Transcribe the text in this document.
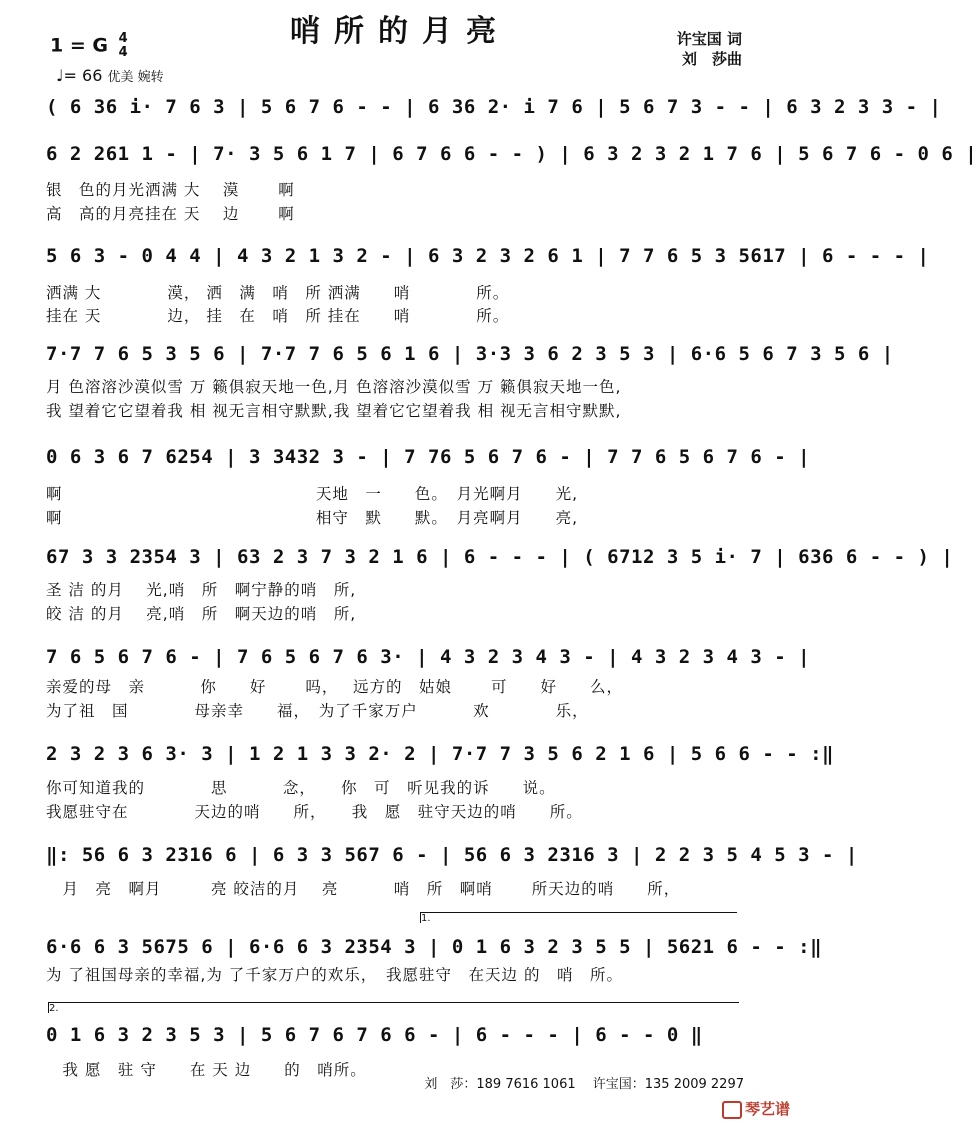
哨所的月亮	许宝国 词
刘　莎曲
1 = G 4
4
♩= 66 优美 婉转
( 6 36 i· 7 6 3 | 5 6 7 6 - - | 6 36 2· i 7 6 | 5 6 7 3 - - | 6 3 2 3 3 - |
6 2 261 1 - | 7· 3 5 6 1 7 | 6 7 6 6 - - ) | 6 3 2 3 2 1 7 6 | 5 6 7 6 - 0 6 |
银　色的月光洒满 大　 漠　　 啊
高　高的月亮挂在 天　 边　　 啊
5 6 3 - 0 4 4 | 4 3 2 1 3 2 - | 6 3 2 3 2 6 1 | 7 7 6 5 3 5617 | 6 - - - |
洒满 大　　　　漠， 洒　满　哨　所 洒满　　哨　　　　所。
挂在 天　　　　边， 挂　在　哨　所 挂在　　哨　　　　所。
7·7 7 6 5 3 5 6 | 7·7 7 6 5 6 1 6 | 3·3 3 6 2 3 5 3 | 6·6 5 6 7 3 5 6 |
月 色溶溶沙漠似雪 万 籁俱寂天地一色,月 色溶溶沙漠似雪 万 籁俱寂天地一色,
我 望着它它望着我 相 视无言相守默默,我 望着它它望着我 相 视无言相守默默,
0 6 3 6 7 6254 | 3 3432 3 - | 7 76 5 6 7 6 - | 7 7 6 5 6 7 6 - |
啊　　　　　　　　　　　　　　　 天地　一　　色。　月光啊月　　光,
啊　　　　　　　　　　　　　　　 相守　默　　默。　月亮啊月　　亮,
67 3 3 2354 3 | 63 2 3 7 3 2 1 6 | 6 - - - | ( 6712 3 5 i· 7 | 636 6 - - ) |
圣 洁 的月　 光,哨　所　啊宁静的哨　所,
皎 洁 的月　 亮,哨　所　啊天边的哨　所,
7 6 5 6 7 6 - | 7 6 5 6 7 6 3· | 4 3 2 3 4 3 - | 4 3 2 3 4 3 - |
亲爱的母　亲　　　 你　　好　　 吗，　 远方的　姑娘　　 可　　好　　么，
为了祖　国　　　　母亲幸　　福，　为了千家万户　　　 欢　　　　乐，
2 3 2 3 6 3· 3 | 1 2 1 3 3 2· 2 | 7·7 7 3 5 6 2 1 6 | 5 6 6 - - :‖
你可知道我的　　　　思　　　 念，　　你　可　听见我的诉　　说。
我愿驻守在　　　　天边的哨　　所，　　我　愿　驻守天边的哨　　所。
‖: 56 6 3 2316 6 | 6 3 3 567 6 - | 56 6 3 2316 3 | 2 2 3 5 4 5 3 - |
　月　亮　啊月　　　亮 皎洁的月　 亮　　　 哨　所　啊哨　　 所天边的哨　　所，
1.
6·6 6 3 5675 6 | 6·6 6 3 2354 3 | 0 1 6 3 2 3 5 5 | 5621 6 - - :‖
为 了祖国母亲的幸福,为 了千家万户的欢乐，　我愿驻守　在天边 的　哨　所。
2.
0 1 6 3 2 3 5 3 | 5 6 7 6 7 6 6 - | 6 - - - | 6 - - 0 ‖
　我 愿　驻 守　　在 天 边　　的　哨所。
刘　莎：189 7616 1061　 许宝国：135 2009 2297
琴艺谱
